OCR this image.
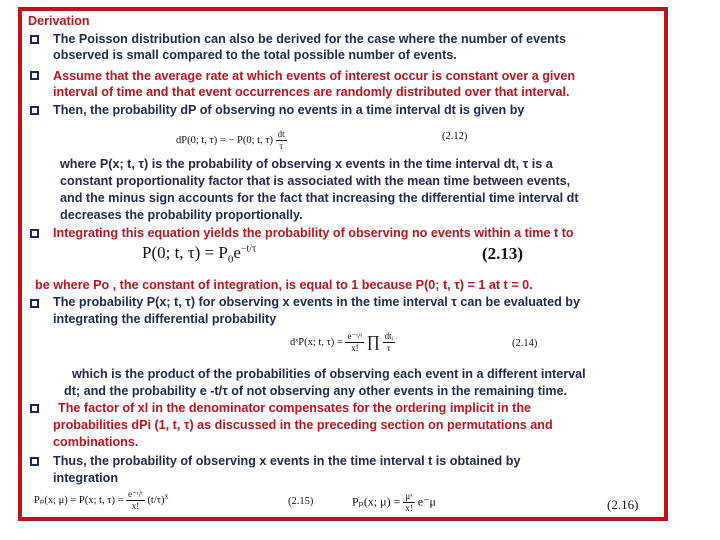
Derivation
The Poisson distribution can also be derived for the case where the number of events
observed is small compared to the total possible number of events.
Assume that the average rate at which events of interest occur is constant over a given
interval of time and that event occurrences are randomly distributed over that interval.
Then, the probability dP of observing no events in a time interval dt is given by
dP(0; t, τ) = − P(0; t, $\tau) \frac{dt}{\tau}$	(2.12)
where P(x; t, τ) is the probability of observing x events in the time interval dt, τ is a
constant proportionality factor that is associated with the mean time between events,
and the minus sign accounts for the fact that increasing the differential time interval dt
decreases the probability proportionally.
Integrating this equation yields the probability of observing no events within a time t to
P(0; t, $\tau) = P_0e^{-t/\tau}$	(2.13)
be where Po , the constant of integration, is equal to 1 because P(0; t, τ) = 1 at t = 0.
The probability P(x; t, τ) for observing x events in the time interval τ can be evaluated by
integrating the differential probability
dˣP(x; t, $\tau) = \frac{\text{e⁻ᵗ/ᵗ}}{x!}$ ∏ $\frac{\text{dtᵢ}}{\tau}$	(2.14)
which is the product of the probabilities of observing each event in a different interval
dt; and the probability e -t/τ of not observing any other events in the remaining time.
The factor of xl in the denominator compensates for the ordering implicit in the
probabilities dPi (1, t, τ) as discussed in the preceding section on permutations and
combinations.
Thus, the probability of observing x events in the time interval t is obtained by
integration
Pₚ(x; μ) = P(x; t, $\tau) = \frac{\text{e⁻ᵗ/ᵗ}}{x!} (t/\tau)^x$
(2.15)	Pₚ(x; $\mu) = \frac{\text{μˣ}}{x!} e^-\mu$	(2.16)
